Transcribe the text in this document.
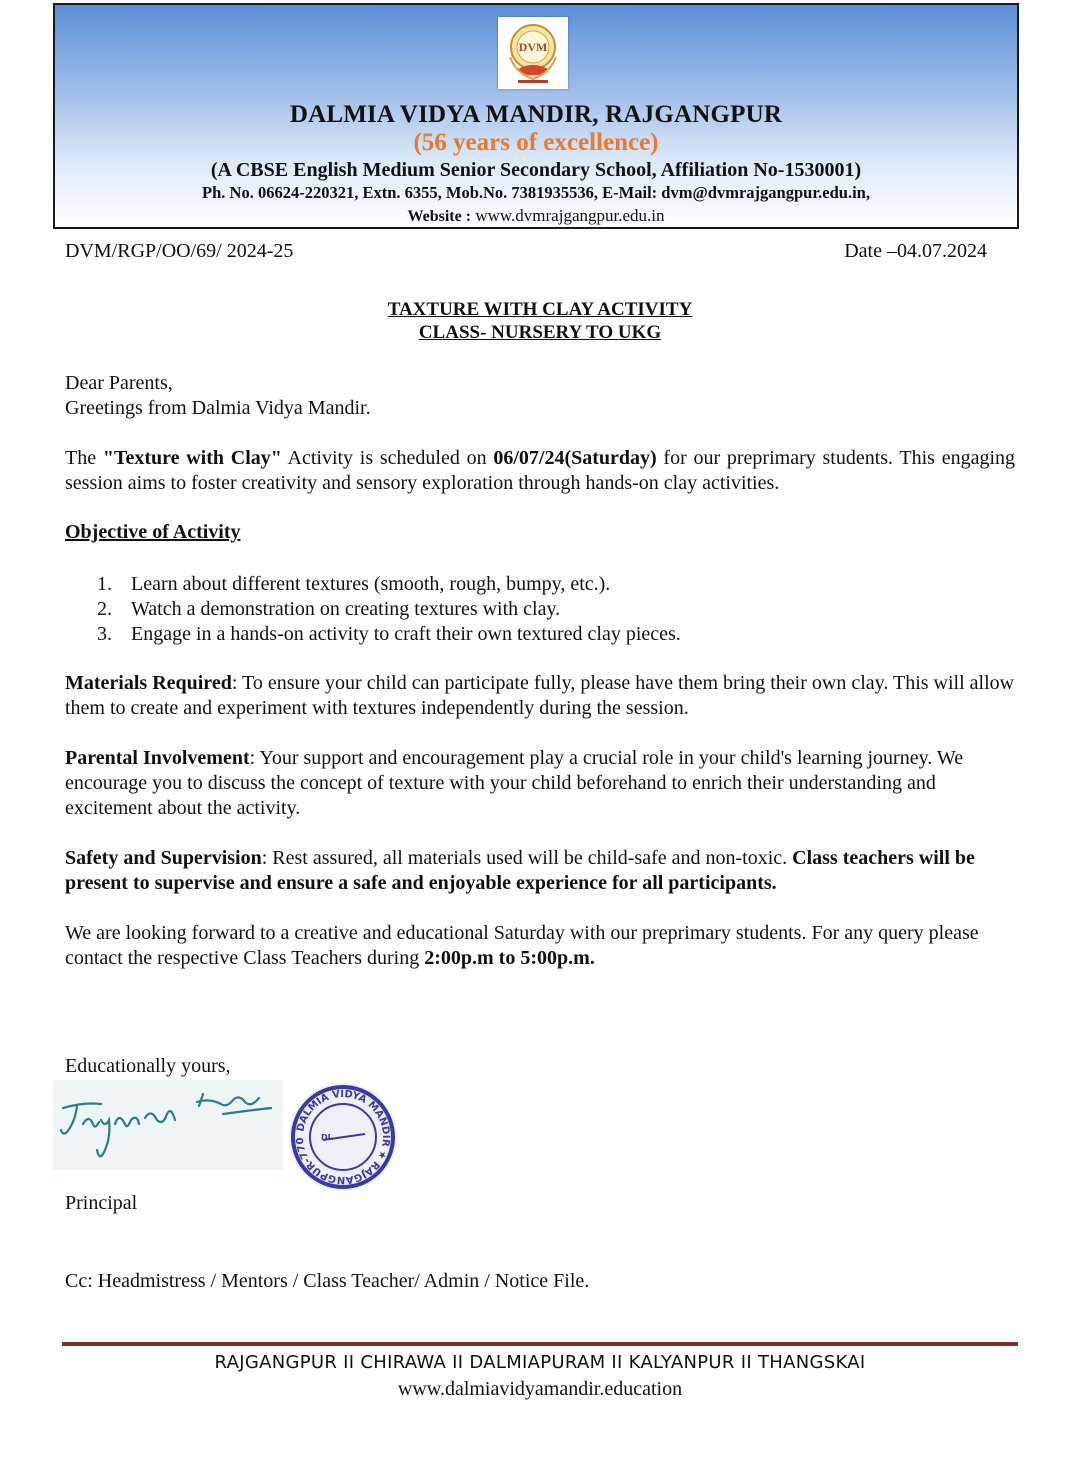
DVM
DALMIA VIDYA MANDIR, RAJGANGPUR
(56 years of excellence)
(A CBSE English Medium Senior Secondary School, Affiliation No-1530001)
Ph. No. 06624-220321, Extn. 6355, Mob.No. 7381935536, E-Mail: dvm@dvmrajgangpur.edu.in,
Website : www.dvmrajgangpur.edu.in
DVM/RGP/OO/69/ 2024-25	Date –04.07.2024
TAXTURE WITH CLAY ACTIVITY
CLASS- NURSERY TO UKG

Dear Parents,

Greetings from Dalmia Vidya Mandir.

The "Texture with Clay" Activity is scheduled on 06/07/24(Saturday) for our preprimary students. This engaging session aims to foster creativity and sensory exploration through hands-on clay activities.

Objective of Activity
1. Learn about different textures (smooth, rough, bumpy, etc.).
2. Watch a demonstration on creating textures with clay.
3. Engage in a hands-on activity to craft their own textured clay pieces.

Materials Required: To ensure your child can participate fully, please have them bring their own clay. This will allow them to create and experiment with textures independently during the session.

Parental Involvement: Your support and encouragement play a crucial role in your child's learning journey. We encourage you to discuss the concept of texture with your child beforehand to enrich their understanding and excitement about the activity.

Safety and Supervision: Rest assured, all materials used will be child-safe and non-toxic. Class teachers will be present to supervise and ensure a safe and enjoyable experience for all participants.

We are looking forward to a creative and educational Saturday with our preprimary students. For any query please contact the respective Class Teachers during 2:00p.m to 5:00p.m.

Educationally yours,

DALMIA VIDYA MANDIR ★ RAJGANGPUR-770	DI.

Principal

Cc: Headmistress / Mentors / Class Teacher/ Admin / Notice File.

RAJGANGPUR II CHIRAWA II DALMIAPURAM II KALYANPUR II THANGSKAI
www.dalmiavidyamandir.education
